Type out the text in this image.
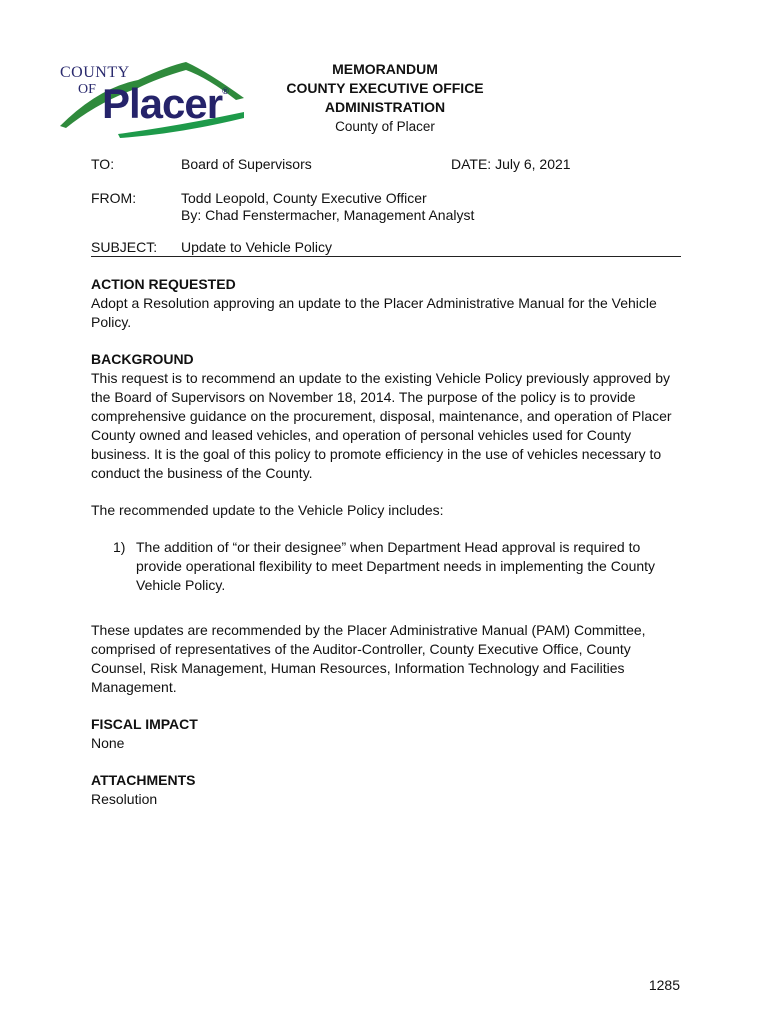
COUNTY
OF Placer®
MEMORANDUM
COUNTY EXECUTIVE OFFICE
ADMINISTRATION
County of Placer
TO:	Board of Supervisors	DATE: July 6, 2021
FROM:	Todd Leopold, County Executive Officer
By: Chad Fenstermacher, Management Analyst
SUBJECT: Update to Vehicle Policy
ACTION REQUESTED

Adopt a Resolution approving an update to the Placer Administrative Manual for the Vehicle Policy.

BACKGROUND

This request is to recommend an update to the existing Vehicle Policy previously approved by the Board of Supervisors on November 18, 2014. The purpose of the policy is to provide comprehensive guidance on the procurement, disposal, maintenance, and operation of Placer County owned and leased vehicles, and operation of personal vehicles used for County business. It is the goal of this policy to promote efficiency in the use of vehicles necessary to conduct the business of the County.

The recommended update to the Vehicle Policy includes:

1) The addition of “or their designee” when Department Head approval is required to provide operational flexibility to meet Department needs in implementing the County Vehicle Policy.

These updates are recommended by the Placer Administrative Manual (PAM) Committee, comprised of representatives of the Auditor-Controller, County Executive Office, County Counsel, Risk Management, Human Resources, Information Technology and Facilities Management.

FISCAL IMPACT

None

ATTACHMENTS

Resolution

1285
